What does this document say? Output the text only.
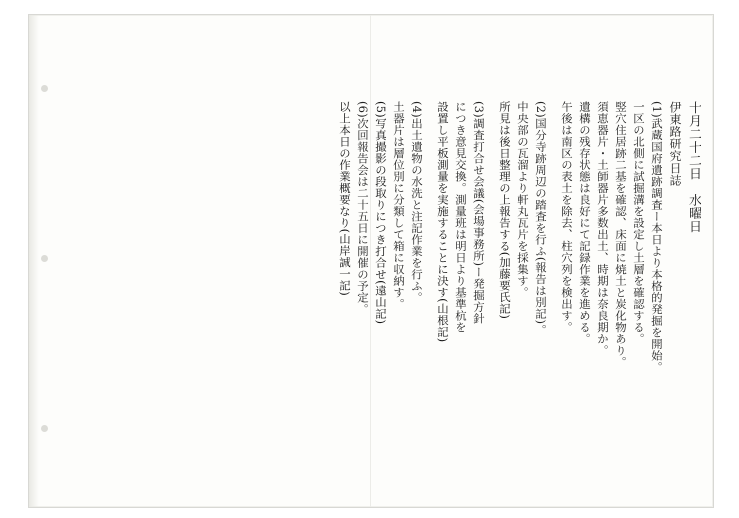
十月二十二日　水曜日
伊東路研究日誌
(1)武蔵国府遺跡調査ー本日より本格的発掘を開始。
一区の北側に試掘溝を設定し土層を確認する。
竪穴住居跡二基を確認、床面に焼土と炭化物あり。
須恵器片・土師器片多数出土、時期は奈良期か。
遺構の残存状態は良好にて記録作業を進める。
午後は南区の表土を除去、柱穴列を検出す。
(2)国分寺跡周辺の踏査を行ふ(報告は別記)。
中央部の瓦溜より軒丸瓦片を採集す。
所見は後日整理の上報告する(加藤要氏記)
(3)調査打合せ会議(会場事務所)ー発掘方針
につき意見交換。測量班は明日より基準杭を
設置し平板測量を実施することに決す(山根記)
(4)出土遺物の水洗と注記作業を行ふ。
土器片は層位別に分類して箱に収納す。
(5)写真撮影の段取りにつき打合せ(遠山記)
(6)次回報告会は二十五日に開催の予定。
以上本日の作業概要なり(山岸誠一記)
